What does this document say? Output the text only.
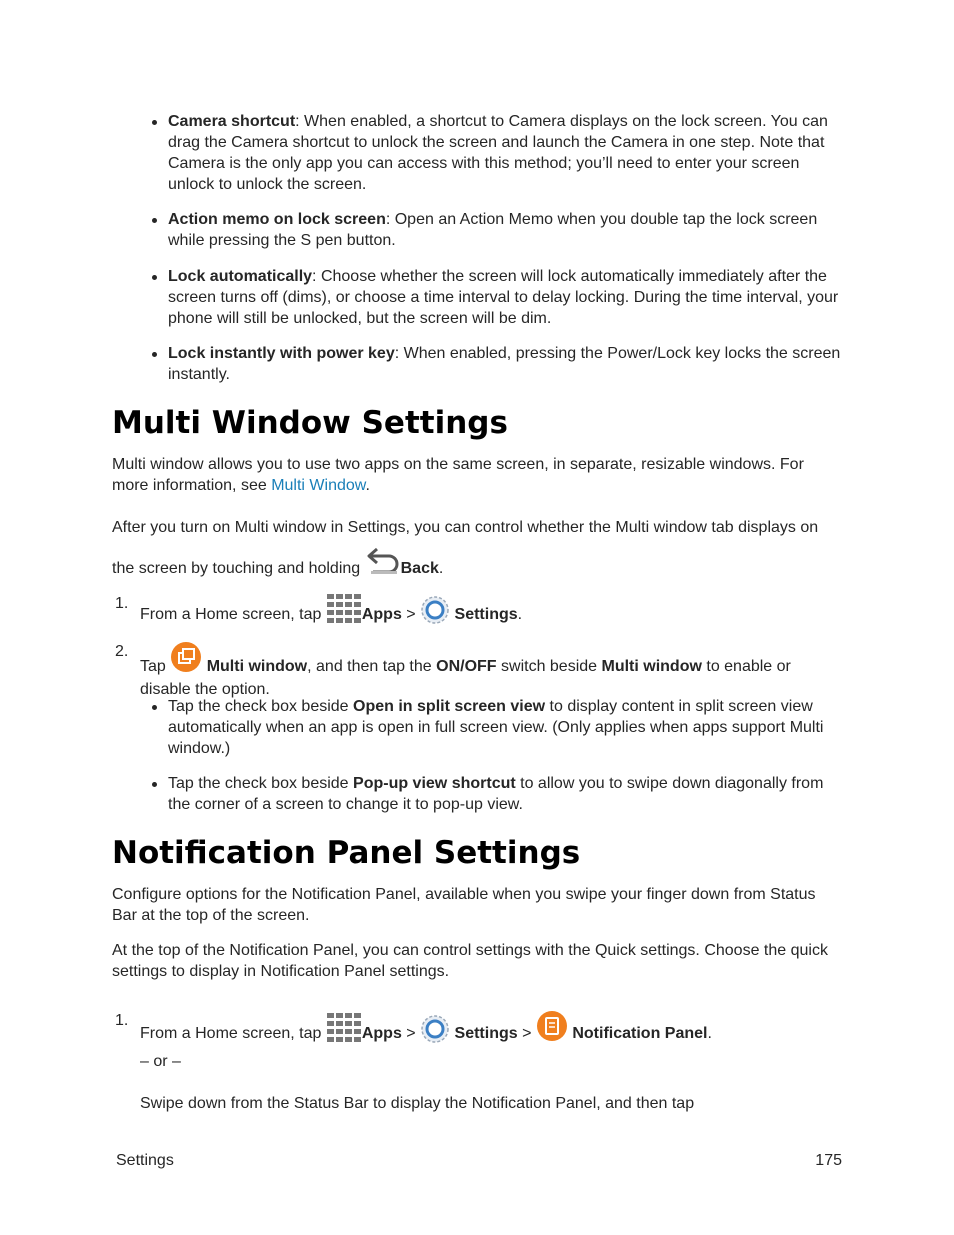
Camera shortcut: When enabled, a shortcut to Camera displays on the lock screen. You can drag the Camera shortcut to unlock the screen and launch the Camera in one step. Note that Camera is the only app you can access with this method; you’ll need to enter your screen unlock to unlock the screen.
Action memo on lock screen: Open an Action Memo when you double tap the lock screen while pressing the S pen button.
Lock automatically: Choose whether the screen will lock automatically immediately after the screen turns off (dims), or choose a time interval to delay locking. During the time interval, your phone will still be unlocked, but the screen will be dim.
Lock instantly with power key: When enabled, pressing the Power/Lock key locks the screen instantly.
Multi Window Settings
Multi window allows you to use two apps on the same screen, in separate, resizable windows. For more information, see Multi Window.
After you turn on Multi window in Settings, you can control whether the Multi window tab displays on the screen by touching and holding Back.
1.
From a Home screen, tap Apps >  Settings.
2.
Tap  Multi window, and then tap the ON/OFF switch beside Multi window to enable or disable the option.
Tap the check box beside Open in split screen view to display content in split screen view automatically when an app is open in full screen view. (Only applies when apps support Multi window.)
Tap the check box beside Pop-up view shortcut to allow you to swipe down diagonally from the corner of a screen to change it to pop-up view.
Notification Panel Settings
Configure options for the Notification Panel, available when you swipe your finger down from Status Bar at the top of the screen.
At the top of the Notification Panel, you can control settings with the Quick settings. Choose the quick settings to display in Notification Panel settings.
1.
From a Home screen, tap Apps >  Settings >  Notification Panel.
– or –
Swipe down from the Status Bar to display the Notification Panel, and then tap
Settings	175
